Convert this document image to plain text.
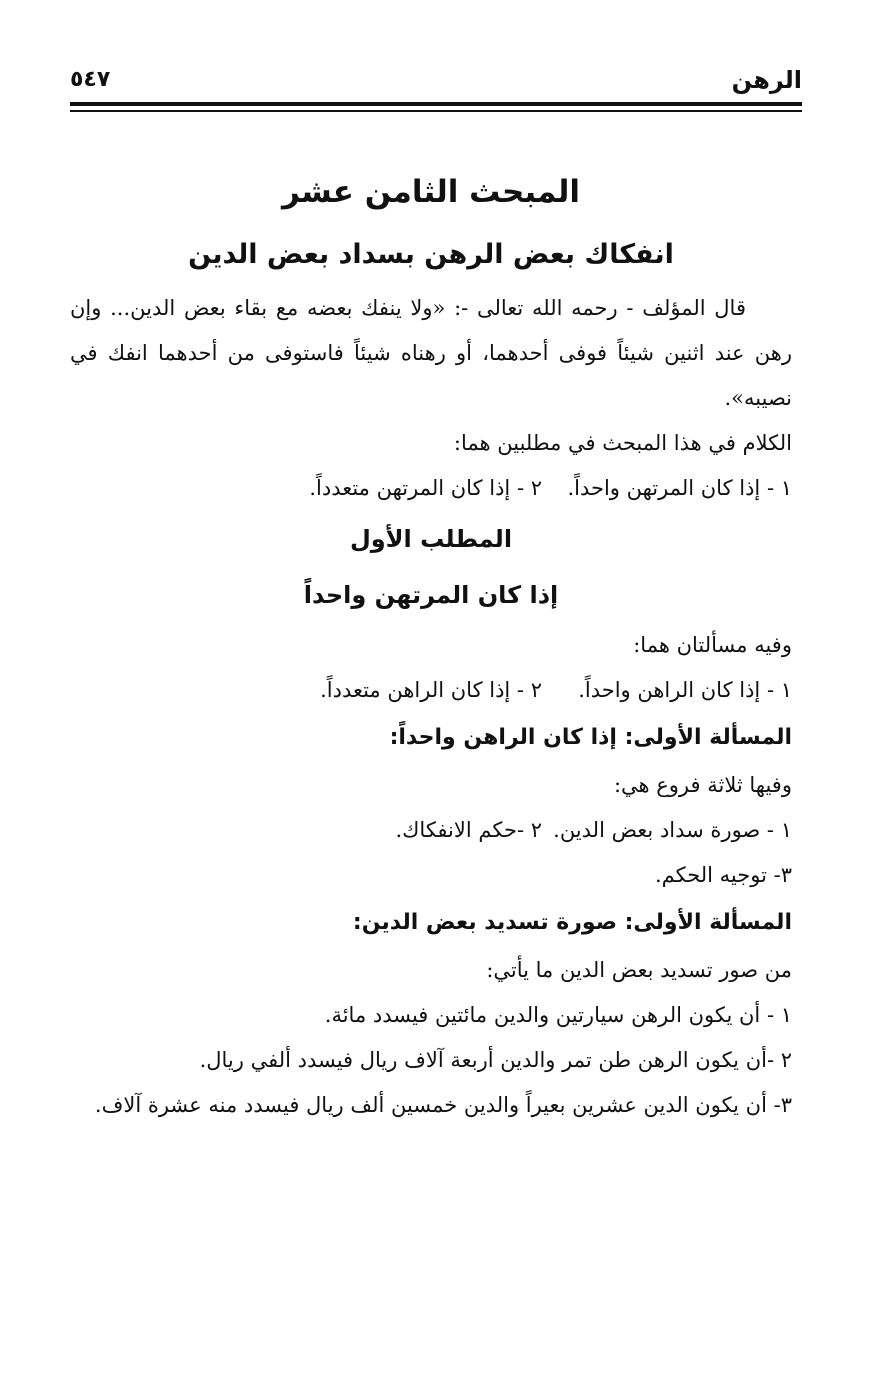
الرهن
٥٤٧
المبحث الثامن عشر
انفكاك بعض الرهن بسداد بعض الدين
قال المؤلف - رحمه الله تعالى -: «ولا ينفك بعضه مع بقاء بعض الدين... وإن رهن عند اثنين شيئاً فوفى أحدهما، أو رهناه شيئاً فاستوفى من أحدهما انفك في نصيبه».
الكلام في هذا المبحث في مطلبين هما:
١ - إذا كان المرتهن واحداً.
٢ - إذا كان المرتهن متعدداً.
المطلب الأول
إذا كان المرتهن واحداً
وفيه مسألتان هما:
١ - إذا كان الراهن واحداً.
٢ - إذا كان الراهن متعدداً.
المسألة الأولى: إذا كان الراهن واحداً:
وفيها ثلاثة فروع هي:
١ - صورة سداد بعض الدين.
٢ -حكم الانفكاك.
٣- توجيه الحكم.
المسألة الأولى: صورة تسديد بعض الدين:
من صور تسديد بعض الدين ما يأتي:
١ - أن يكون الرهن سيارتين والدين مائتين فيسدد مائة.
٢ -أن يكون الرهن طن تمر والدين أربعة آلاف ريال فيسدد ألفي ريال.
٣- أن يكون الدين عشرين بعيراً والدين خمسين ألف ريال فيسدد منه عشرة آلاف.
